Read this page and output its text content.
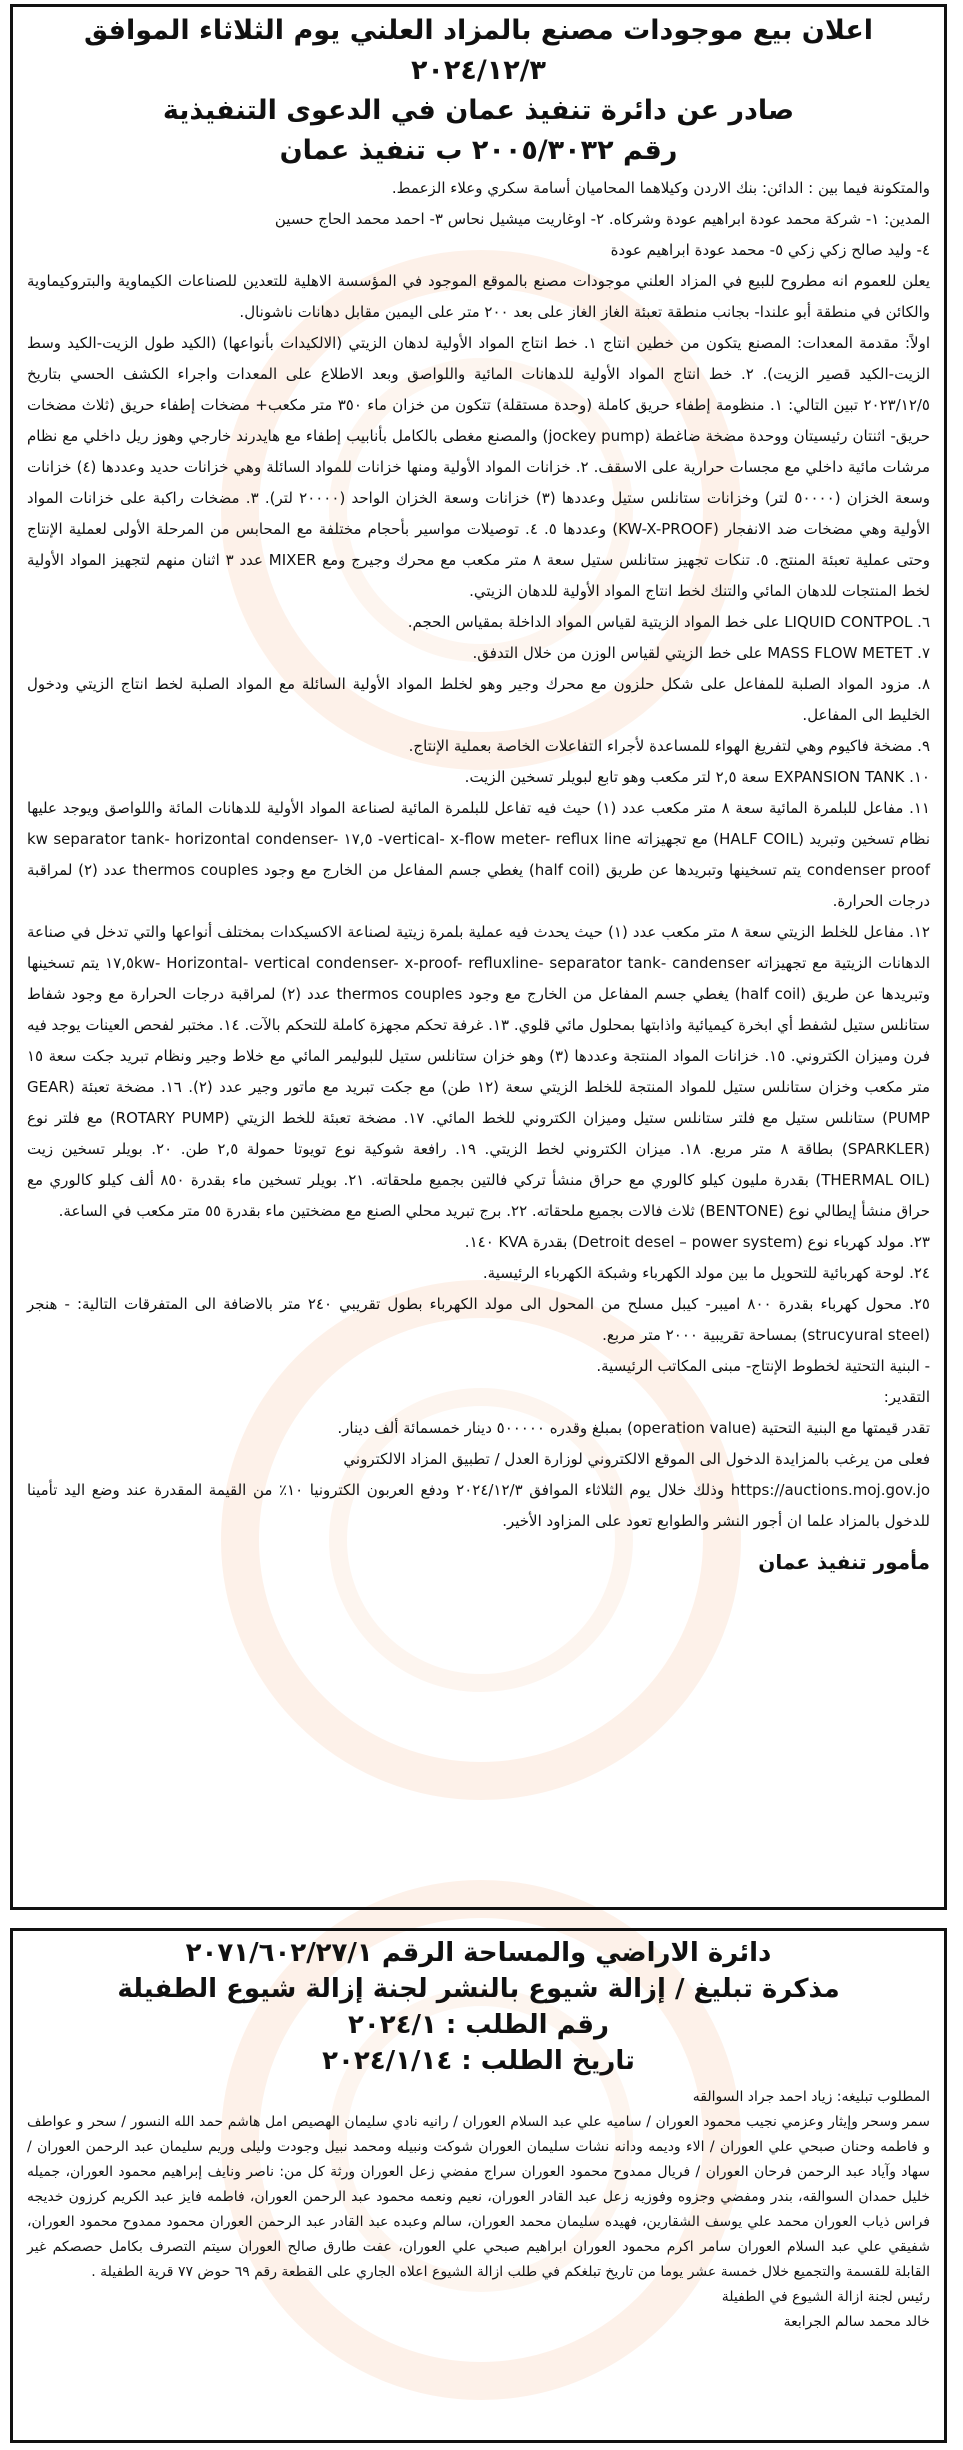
اعلان بيع موجودات مصنع بالمزاد العلني يوم الثلاثاء الموافق ٢٠٢٤/١٢/٣
صادر عن دائرة تنفيذ عمان في الدعوى التنفيذية
رقم ٢٠٠٥/٣٠٣٢ ب تنفيذ عمان

والمتكونة فيما بين : الدائن: بنك الاردن وكيلاهما المحاميان أسامة سكري وعلاء الزعمط.

المدين: ١- شركة محمد عودة ابراهيم عودة وشركاه. ٢- اوغاريت ميشيل نحاس ٣- احمد محمد الحاج حسين

٤- وليد صالح زكي زكي ٥- محمد عودة ابراهيم عودة

يعلن للعموم انه مطروح للبيع في المزاد العلني موجودات مصنع بالموقع الموجود في المؤسسة الاهلية للتعدين للصناعات الكيماوية والبتروكيماوية والكائن في منطقة أبو علندا- بجانب منطقة تعبئة الغاز الغاز على بعد ٢٠٠ متر على اليمين مقابل دهانات ناشونال.

اولاً: مقدمة المعدات: المصنع يتكون من خطين انتاج ١. خط انتاج المواد الأولية لدهان الزيتي (الالكيدات بأنواعها) (الكيد طول الزيت-الكيد وسط الزيت-الكيد قصير الزيت). ٢. خط انتاج المواد الأولية للدهانات المائية واللواصق وبعد الاطلاع على المعدات واجراء الكشف الحسي بتاريخ ٢٠٢٣/١٢/٥ تبين التالي: ١. منظومة إطفاء حريق كاملة (وحدة مستقلة) تتكون من خزان ماء ٣٥٠ متر مكعب+ مضخات إطفاء حريق (ثلاث مضخات حريق- اثنتان رئيسيتان ووحدة مضخة ضاغطة (jockey pump) والمصنع مغطى بالكامل بأنابيب إطفاء مع هايدرند خارجي وهوز ريل داخلي مع نظام مرشات مائية داخلي مع مجسات حرارية على الاسقف. ٢. خزانات المواد الأولية ومنها خزانات للمواد السائلة وهي خزانات حديد وعددها (٤) خزانات وسعة الخزان (٥٠٠٠٠ لتر) وخزانات ستانلس ستيل وعددها (٣) خزانات وسعة الخزان الواحد (٢٠٠٠٠ لتر). ٣. مضخات راكبة على خزانات المواد الأولية وهي مضخات ضد الانفجار (KW-X-PROOF) وعددها ٥. ٤. توصيلات مواسير بأحجام مختلفة مع المحابس من المرحلة الأولى لعملية الإنتاج وحتى عملية تعبئة المنتج. ٥. تنكات تجهيز ستانلس ستيل سعة ٨ متر مكعب مع محرك وجيرج ومع MIXER عدد ٣ اثنان منهم لتجهيز المواد الأولية لخط المنتجات للدهان المائي والتنك لخط انتاج المواد الأولية للدهان الزيتي.

٦. LIQUID CONTPOL على خط المواد الزيتية لقياس المواد الداخلة بمقياس الحجم.

٧. MASS FLOW METET على خط الزيتي لقياس الوزن من خلال التدفق.

٨. مزود المواد الصلبة للمفاعل على شكل حلزون مع محرك وجير وهو لخلط المواد الأولية السائلة مع المواد الصلبة لخط انتاج الزيتي ودخول الخليط الى المفاعل.

٩. مضخة فاكيوم وهي لتفريغ الهواء للمساعدة لأجراء التفاعلات الخاصة بعملية الإنتاج.

١٠. EXPANSION TANK سعة ٢,٥ لتر مكعب وهو تابع لبويلر تسخين الزيت.

١١. مفاعل للبلمرة المائية سعة ٨ متر مكعب عدد (١) حيث فيه تفاعل للبلمرة المائية لصناعة المواد الأولية للدهانات المائة واللواصق ويوجد عليها نظام تسخين وتبريد (HALF COIL) مع تجهيزاته vertical- x-flow meter- reflux line- ١٧,٥ kw separator tank- horizontal condenser- condenser proof يتم تسخينها وتبريدها عن طريق (half coil) يغطي جسم المفاعل من الخارج مع وجود thermos couples عدد (٢) لمراقبة درجات الحرارة.

١٢. مفاعل للخلط الزيتي سعة ٨ متر مكعب عدد (١) حيث يحدث فيه عملية بلمرة زيتية لصناعة الاكسيكدات بمختلف أنواعها والتي تدخل في صناعة الدهانات الزيتية مع تجهيزاته ١٧,٥kw- Horizontal- vertical condenser- x-proof- refluxline- separator tank- candenser يتم تسخينها وتبريدها عن طريق (half coil) يغطي جسم المفاعل من الخارج مع وجود thermos couples عدد (٢) لمراقبة درجات الحرارة مع وجود شفاط ستانلس ستيل لشفط أي ابخرة كيميائية واذابتها بمحلول مائي قلوي. ١٣. غرفة تحكم مجهزة كاملة للتحكم بالآت. ١٤. مختبر لفحص العينات يوجد فيه فرن وميزان الكتروني. ١٥. خزانات المواد المنتجة وعددها (٣) وهو خزان ستانلس ستيل للبوليمر المائي مع خلاط وجير ونظام تبريد جكت سعة ١٥ متر مكعب وخزان ستانلس ستيل للمواد المنتجة للخلط الزيتي سعة (١٢ طن) مع جكت تبريد مع ماتور وجير عدد (٢). ١٦. مضخة تعبئة (GEAR PUMP) ستانلس ستيل مع فلتر ستانلس ستيل وميزان الكتروني للخط المائي. ١٧. مضخة تعبئة للخط الزيتي (ROTARY PUMP) مع فلتر نوع (SPARKLER) بطاقة ٨ متر مربع. ١٨. ميزان الكتروني لخط الزيتي. ١٩. رافعة شوكية نوع تويوتا حمولة ٢,٥ طن. ٢٠. بويلر تسخين زيت (THERMAL OIL) بقدرة مليون كيلو كالوري مع حراق منشأ تركي فالتين بجميع ملحقاته. ٢١. بويلر تسخين ماء بقدرة ٨٥٠ ألف كيلو كالوري مع حراق منشأ إيطالي نوع (BENTONE) ثلاث فالات بجميع ملحقاته. ٢٢. برج تبريد محلي الصنع مع مضختين ماء بقدرة ٥٥ متر مكعب في الساعة.

٢٣. مولد كهرباء نوع (Detroit desel – power system) بقدرة KVA ١٤٠.

٢٤. لوحة كهربائية للتحويل ما بين مولد الكهرباء وشبكة الكهرباء الرئيسية.

٢٥. محول كهرباء بقدرة ٨٠٠ اميبر- كيبل مسلح من المحول الى مولد الكهرباء بطول تقريبي ٢٤٠ متر بالاضافة الى المتفرقات التالية: - هنجر (strucyural steel) بمساحة تقريبية ٢٠٠٠ متر مربع.

- البنية التحتية لخطوط الإنتاج- مبنى المكاتب الرئيسية.

التقدير:

تقدر قيمتها مع البنية التحتية (operation value) بمبلغ وقدره ٥٠٠٠٠٠ دينار خمسمائة ألف دينار.

فعلى من يرغب بالمزايدة الدخول الى الموقع الالكتروني لوزارة العدل / تطبيق المزاد الالكتروني

https://auctions.moj.gov.jo وذلك خلال يوم الثلاثاء الموافق ٢٠٢٤/١٢/٣ ودفع العربون الكترونيا ١٠٪ من القيمة المقدرة عند وضع اليد تأمينا للدخول بالمزاد علما ان أجور النشر والطوابع تعود على المزاود الأخير.

مأمور تنفيذ عمان
دائرة الاراضي والمساحة الرقم ٢٠٧١/٦٠٢/٢٧/١
مذكرة تبليغ / إزالة شيوع بالنشر لجنة إزالة شيوع الطفيلة
رقم الطلب : ٢٠٢٤/١
تاريخ الطلب : ٢٠٢٤/١/١٤

المطلوب تبليغه: زياد احمد جراد السوالقه

سمر وسحر وإيثار وعزمي نجيب محمود العوران / ساميه علي عبد السلام العوران / رانيه نادي سليمان الهصيص امل هاشم حمد الله النسور / سحر و عواطف و فاطمه وحنان صبحي علي العوران / الاء وديمه ودانه نشات سليمان العوران شوكت ونبيله ومحمد نبيل وجودت وليلى وريم سليمان عبد الرحمن العوران / سهاد وآياد عبد الرحمن فرحان العوران / فريال ممدوح محمود العوران سراج مفضي زعل العوران ورثة كل من: ناصر ونايف إبراهيم محمود العوران، جميله خليل حمدان السوالقه، بندر ومفضي وجزوه وفوزيه زعل عبد القادر العوران، نعيم ونعمه محمود عبد الرحمن العوران، فاطمه فايز عبد الكريم كرزون خديجه فراس ذياب العوران محمد علي يوسف الشقارين، فهيده سليمان محمد العوران، سالم وعبده عبد القادر عبد الرحمن العوران محمود ممدوح محمود العوران، شفيقي علي عبد السلام العوران سامر اكرم محمود العوران ابراهيم صبحي علي العوران، عفت طارق صالح العوران سيتم التصرف بكامل حصصكم غير القابلة للقسمة والتجميع خلال خمسة عشر يوما من تاريخ تبلغكم في طلب ازالة الشيوع اعلاه الجاري على القطعة رقم ٦٩ حوض ٧٧ قرية الطفيلة .

رئيس لجنة ازالة الشيوع في الطفيلة

خالد محمد سالم الجرابعة
